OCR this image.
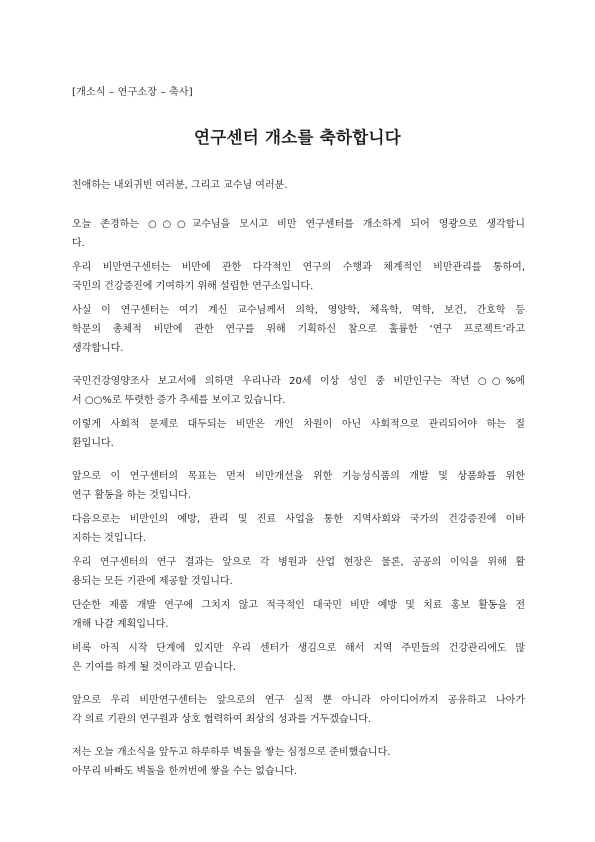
[개소식 – 연구소장 – 축사]
연구센터 개소를 축하합니다
친애하는 내외귀빈 여러분, 그리고 교수님 여러분.
오늘 존경하는 ○○○교수님을 모시고 비만 연구센터를 개소하게 되어 영광으로 생각합니
다.
우리 비만연구센터는 비만에 관한 다각적인 연구의 수행과 체계적인 비만관리를 통하여,
국민의 건강증진에 기여하기 위해 설립한 연구소입니다.
사실 이 연구센터는 여기 계신 교수님께서 의학, 영양학, 체육학, 역학, 보건, 간호학 등
학문의 총체적 비만에 관한 연구를 위해 기획하신 참으로 훌륭한 ‘연구 프로젝트’라고
생각합니다.
국민건강영양조사 보고서에 의하면 우리나라 20세 이상 성인 중 비만인구는 작년 ○○%에
서 ○○%로 뚜렷한 증가 추세를 보이고 있습니다.
이렇게 사회적 문제로 대두되는 비만은 개인 차원이 아닌 사회적으로 관리되어야 하는 질
환입니다.
앞으로 이 연구센터의 목표는 먼저 비만개선을 위한 기능성식품의 개발 및 상품화를 위한
연구 활동을 하는 것입니다.
다음으로는 비만인의 예방, 관리 및 진료 사업을 통한 지역사회와 국가의 건강증진에 이바
지하는 것입니다.
우리 연구센터의 연구 결과는 앞으로 각 병원과 산업 현장은 물론, 공공의 이익을 위해 활
용되는 모든 기관에 제공할 것입니다.
단순한 제품 개발 연구에 그치지 않고 적극적인 대국민 비만 예방 및 치료 홍보 활동을 전
개해 나갈 계획입니다.
비록 아직 시작 단계에 있지만 우리 센터가 생김으로 해서 지역 주민들의 건강관리에도 많
은 기여를 하게 될 것이라고 믿습니다.
앞으로 우리 비만연구센터는 앞으로의 연구 실적 뿐 아니라 아이디어까지 공유하고 나아가
각 의료 기관의 연구원과 상호 협력하여 최상의 성과를 거두겠습니다.
저는 오늘 개소식을 앞두고 하루하루 벽돌을 쌓는 심정으로 준비했습니다.
아무리 바빠도 벽돌을 한꺼번에 쌓을 수는 없습니다.
